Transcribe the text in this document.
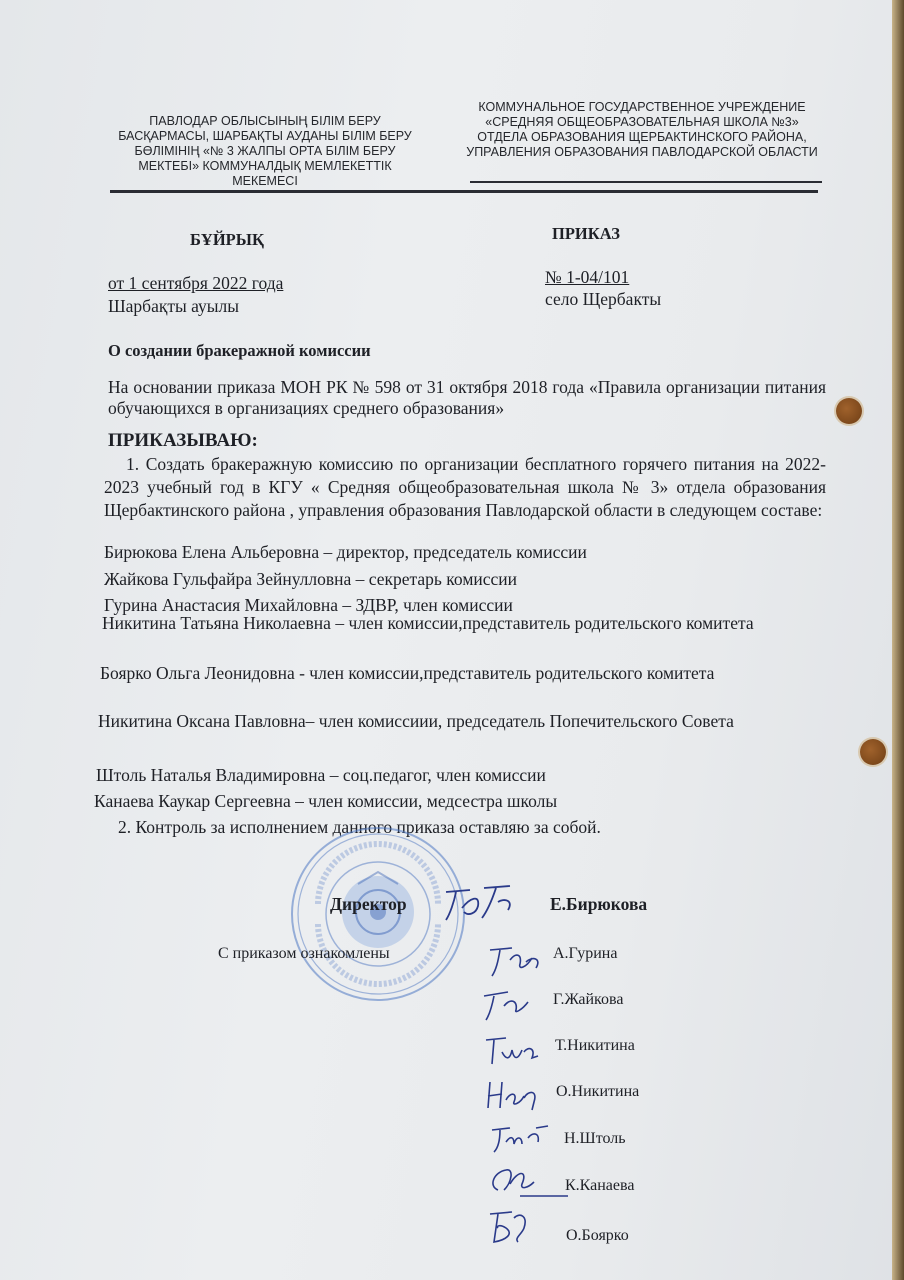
ПАВЛОДАР ОБЛЫСЫНЫҢ БІЛІМ БЕРУ БАСҚАРМАСЫ, ШАРБАҚТЫ АУДАНЫ БІЛІМ БЕРУ БӨЛІМІНІҢ «№ 3 ЖАЛПЫ ОРТА БІЛІМ БЕРУ МЕКТЕБІ» КОММУНАЛДЫҚ МЕМЛЕКЕТТІК МЕКЕМЕСІ
КОММУНАЛЬНОЕ ГОСУДАРСТВЕННОЕ УЧРЕЖДЕНИЕ «СРЕДНЯЯ ОБЩЕОБРАЗОВАТЕЛЬНАЯ ШКОЛА №3» ОТДЕЛА ОБРАЗОВАНИЯ ЩЕРБАКТИНСКОГО РАЙОНА, УПРАВЛЕНИЯ ОБРАЗОВАНИЯ ПАВЛОДАРСКОЙ ОБЛАСТИ
БҰЙРЫҚ	ПРИКАЗ
от 1 сентября 2022 года
Шарбақты ауылы
№ 1-04/101
село Щербакты
О создании бракеражной комиссии
На основании приказа МОН РК № 598 от 31 октября 2018 года «Правила организации питания обучающихся в организациях среднего образования»
ПРИКАЗЫВАЮ:
1. Создать бракеражную комиссию по организации бесплатного горячего питания на 2022-2023 учебный год в КГУ « Средняя общеобразовательная школа № 3» отдела образования Щербактинского района , управления образования Павлодарской области в следующем составе:
Бирюкова Елена Альберовна – директор, председатель комиссии
Жайкова Гульфайра Зейнулловна – секретарь комиссии
Гурина Анастасия Михайловна – ЗДВР, член комиссии
Никитина Татьяна Николаевна – член комиссии,представитель родительского комитета
Боярко Ольга Леонидовна - член комиссии,представитель родительского комитета
Никитина Оксана Павловна– член комиссиии, председатель Попечительского Совета
Штоль Наталья Владимировна – соц.педагог, член комиссии
Канаева Каукар Сергеевна – член комиссии, медсестра школы
2. Контроль за исполнением данного приказа оставляю за собой.
Директор	Е.Бирюкова
С приказом ознакомлены	А.Гурина
Г.Жайкова
Т.Никитина
О.Никитина
Н.Штоль
К.Канаева
О.Боярко
